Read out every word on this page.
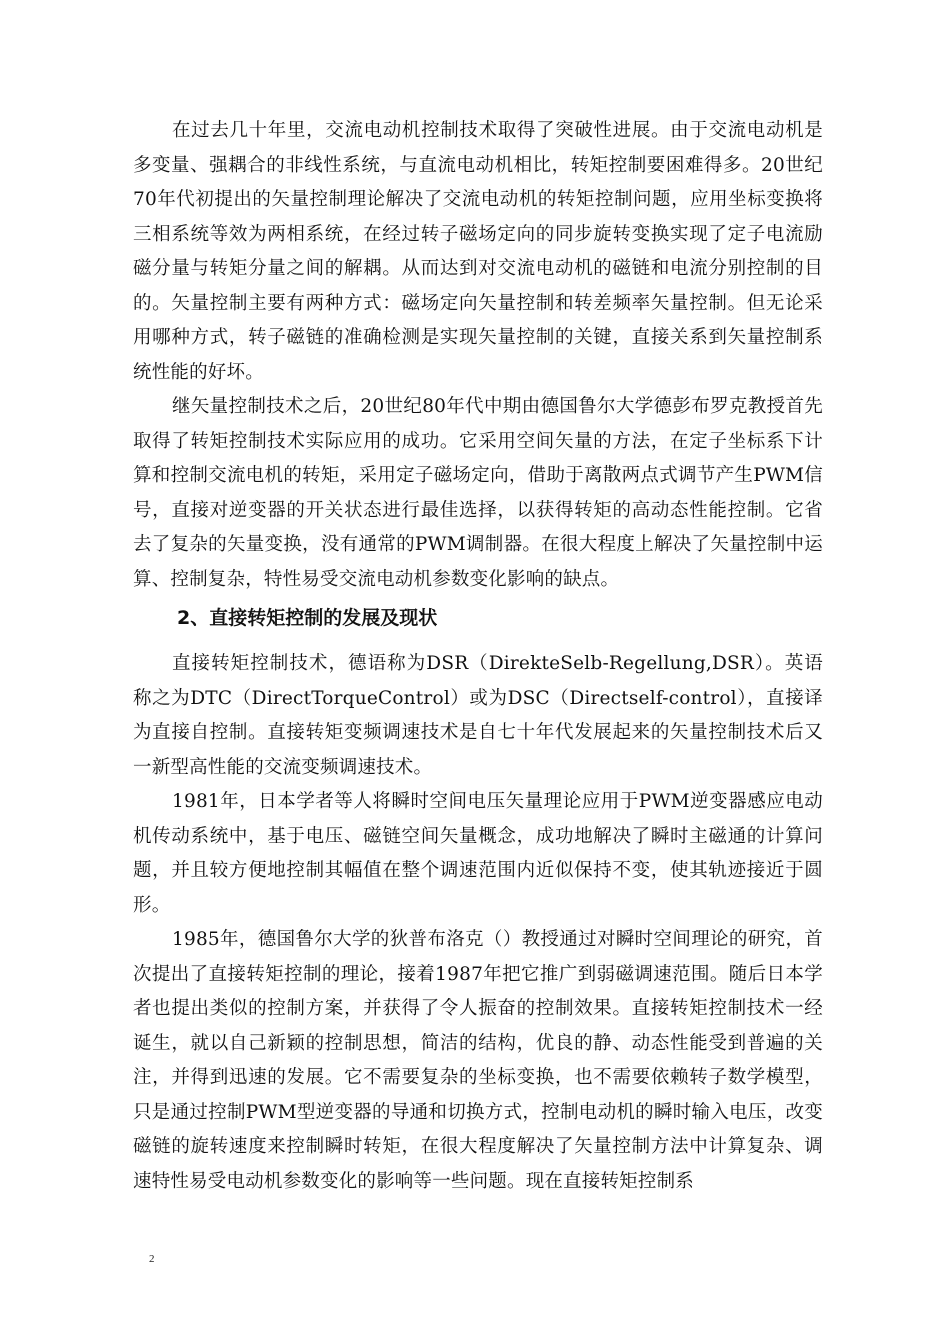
在过去几十年里，交流电动机控制技术取得了突破性进展。由于交流电动机是多变量、强耦合的非线性系统，与直流电动机相比，转矩控制要困难得多。20世纪70年代初提出的矢量控制理论解决了交流电动机的转矩控制问题，应用坐标变换将三相系统等效为两相系统，在经过转子磁场定向的同步旋转变换实现了定子电流励磁分量与转矩分量之间的解耦。从而达到对交流电动机的磁链和电流分别控制的目的。矢量控制主要有两种方式：磁场定向矢量控制和转差频率矢量控制。但无论采用哪种方式，转子磁链的准确检测是实现矢量控制的关键，直接关系到矢量控制系统性能的好坏。

继矢量控制技术之后，20世纪80年代中期由德国鲁尔大学德彭布罗克教授首先取得了转矩控制技术实际应用的成功。它采用空间矢量的方法，在定子坐标系下计算和控制交流电机的转矩，采用定子磁场定向，借助于离散两点式调节产生PWM信号，直接对逆变器的开关状态进行最佳选择，以获得转矩的高动态性能控制。它省去了复杂的矢量变换，没有通常的PWM调制器。在很大程度上解决了矢量控制中运算、控制复杂，特性易受交流电动机参数变化影响的缺点。

2、直接转矩控制的发展及现状

直接转矩控制技术，德语称为DSR（DirekteSelb-Regellung,DSR）。英语称之为DTC（DirectTorqueControl）或为DSC（Directself-control），直接译为直接自控制。直接转矩变频调速技术是自七十年代发展起来的矢量控制技术后又一新型高性能的交流变频调速技术。

1981年，日本学者等人将瞬时空间电压矢量理论应用于PWM逆变器感应电动机传动系统中，基于电压、磁链空间矢量概念，成功地解决了瞬时主磁通的计算问题，并且较方便地控制其幅值在整个调速范围内近似保持不变，使其轨迹接近于圆形。

1985年，德国鲁尔大学的狄普布洛克（）教授通过对瞬时空间理论的研究，首次提出了直接转矩控制的理论，接着1987年把它推广到弱磁调速范围。随后日本学者也提出类似的控制方案，并获得了令人振奋的控制效果。直接转矩控制技术一经诞生，就以自己新颖的控制思想，简洁的结构，优良的静、动态性能受到普遍的关注，并得到迅速的发展。它不需要复杂的坐标变换，也不需要依赖转子数学模型，只是通过控制PWM型逆变器的导通和切换方式，控制电动机的瞬时输入电压，改变磁链的旋转速度来控制瞬时转矩，在很大程度解决了矢量控制方法中计算复杂、调速特性易受电动机参数变化的影响等一些问题。现在直接转矩控制系

2
